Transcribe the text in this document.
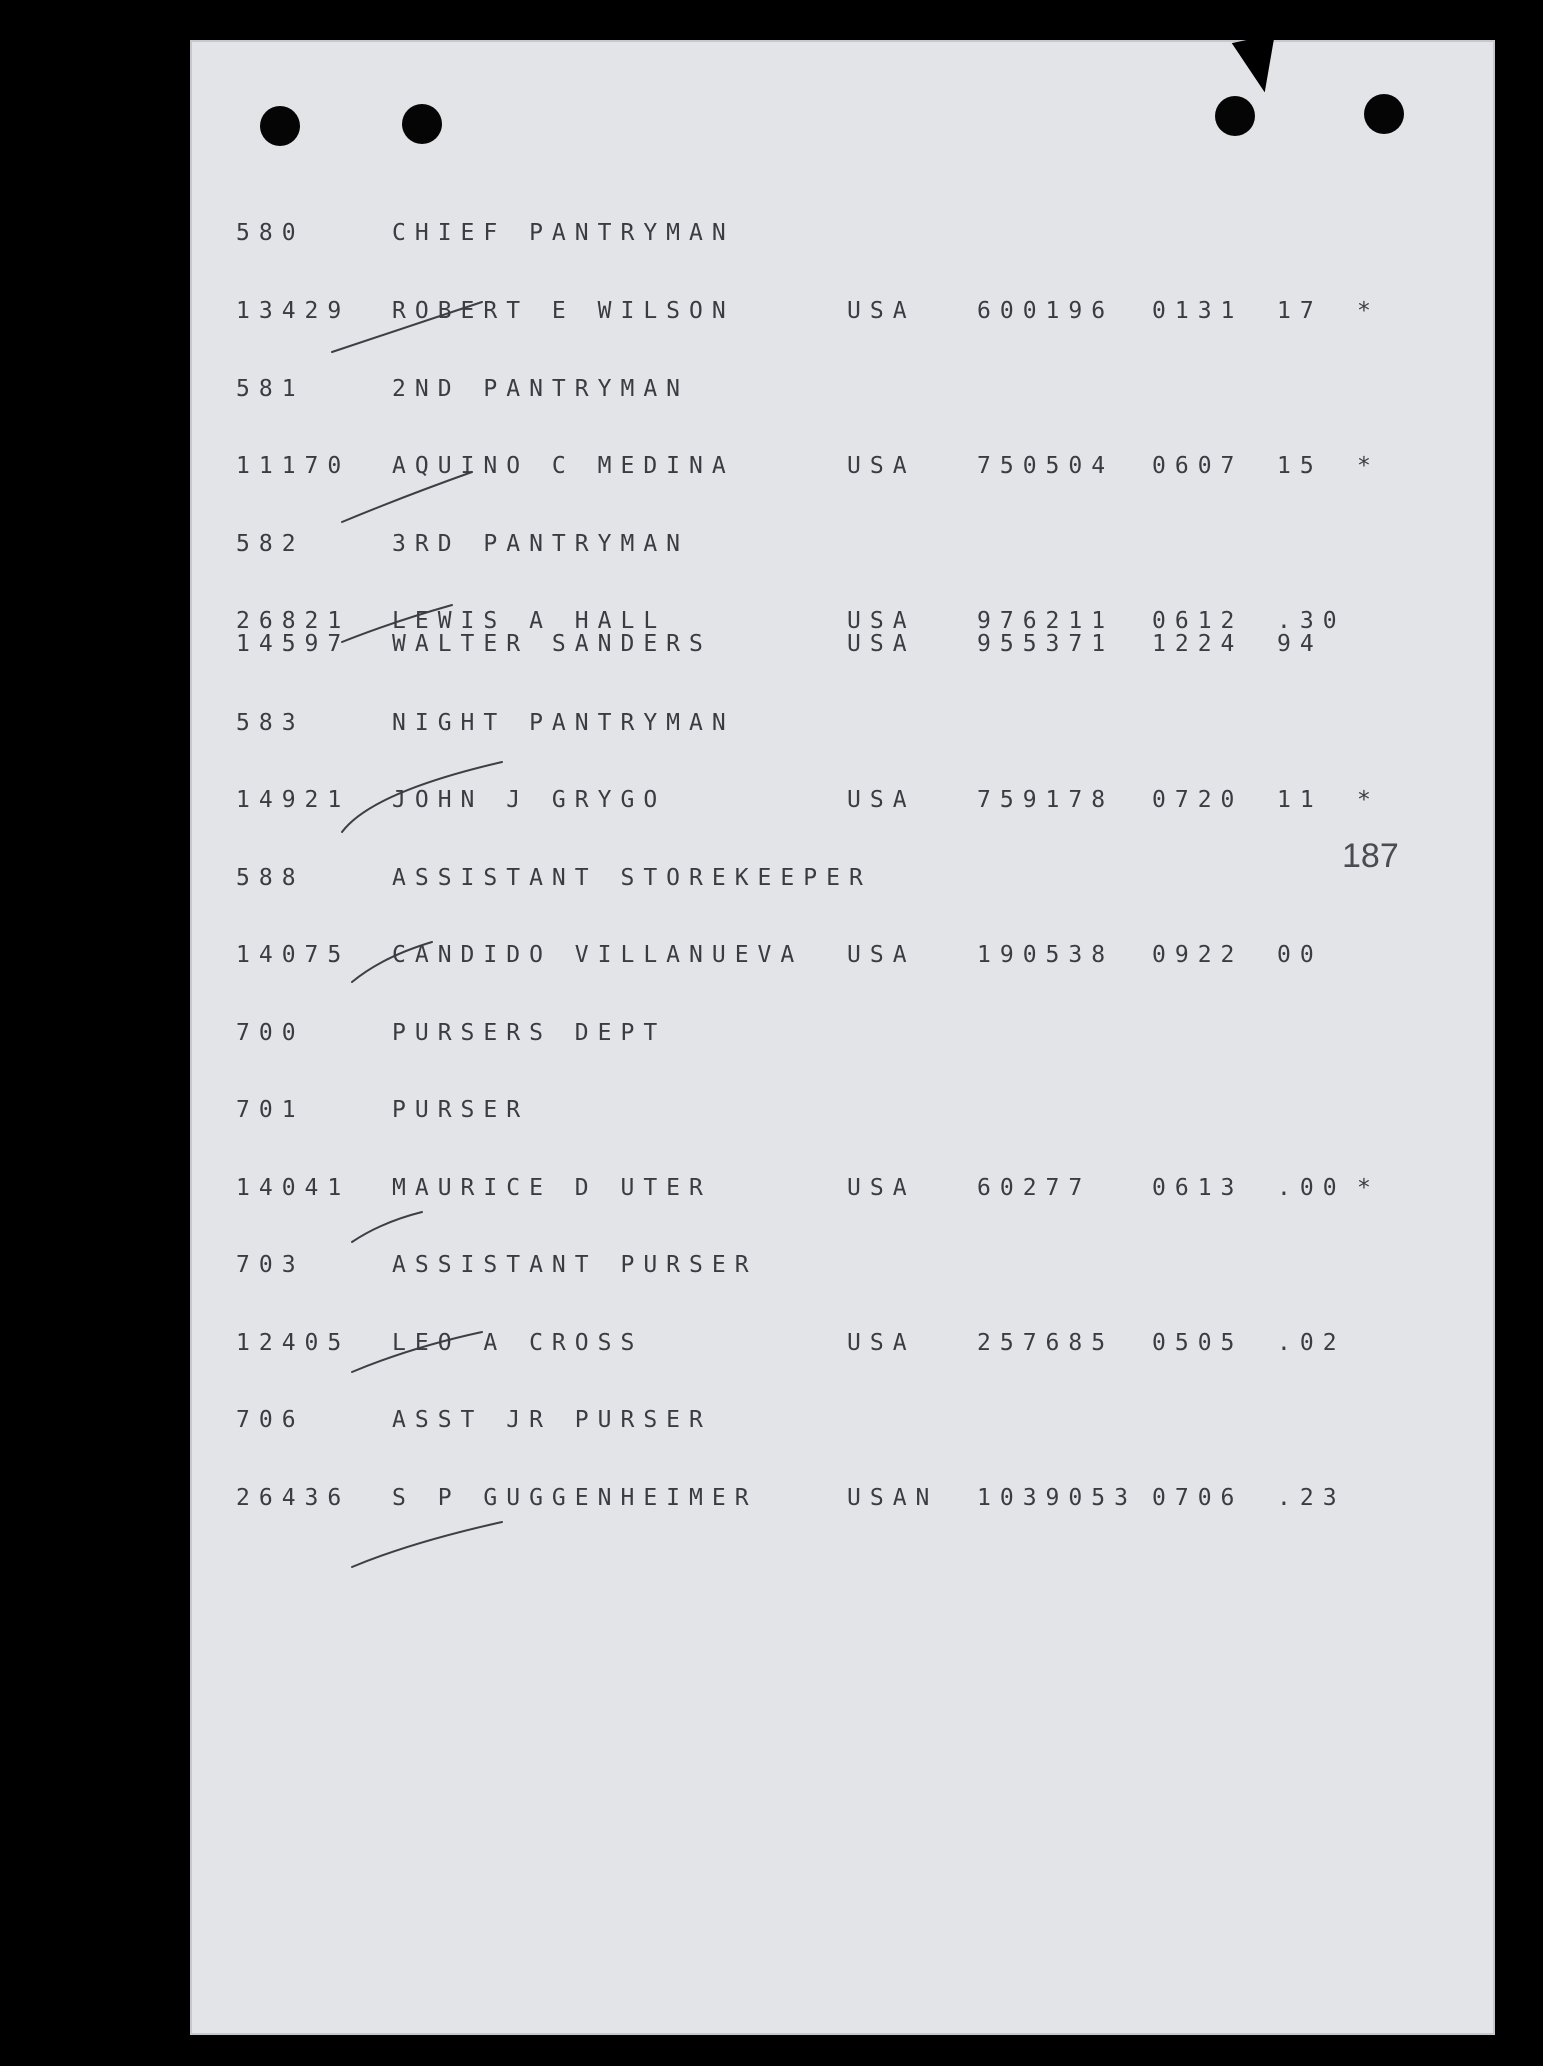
187
580	CHIEF PANTRYMAN
13429 ROBERT E WILSON	USA	600196 0131 17 *
581	2ND PANTRYMAN
11170 AQUINO C MEDINA	USA	750504 0607 15 *
582	3RD PANTRYMAN
26821 LEWIS A HALL	USA	976211 0612 .30
14597 WALTER SANDERS	USA	955371 1224 94
583	NIGHT PANTRYMAN
14921 JOHN J GRYGO	USA	759178 0720 11 *
588	ASSISTANT STOREKEEPER
14075 CANDIDO VILLANUEVA USA	190538 0922 00
700	PURSERS DEPT
701	PURSER
14041 MAURICE D UTER	USA	60277	0613 .00 *
703	ASSISTANT PURSER
12405 LEO A CROSS	USA	257685 0505 .02
706	ASST JR PURSER
26436 S P GUGGENHEIMER	USAN 1039053 0706 .23
